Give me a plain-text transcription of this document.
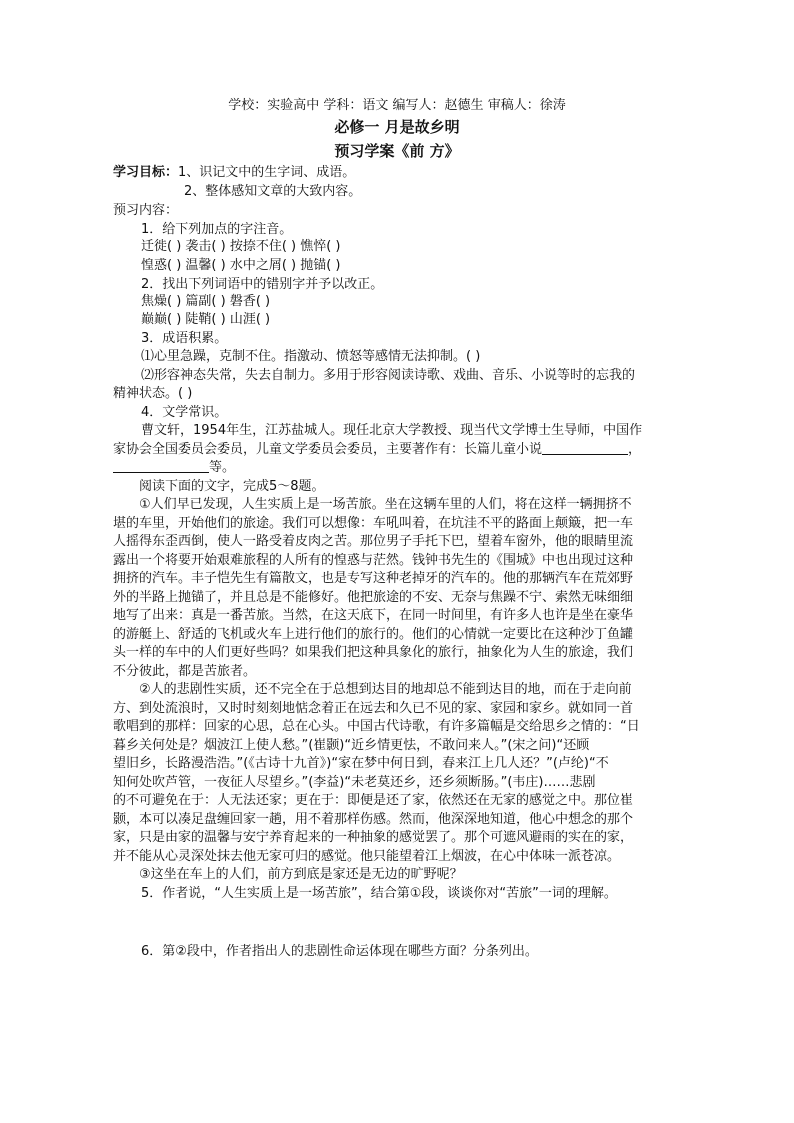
学校：实验高中 学科：语文 编写人：赵德生 审稿人：徐涛
必修一 月是故乡明
预习学案《前 方》
学习目标：1、识记文中的生字词、成语。
2、整体感知文章的大致内容。
预习内容：
1．给下列加点的字注音。
迁徙( ) 袭击( ) 按捺不住( ) 憔悴( )
惶惑( ) 温馨( ) 水中之屑( ) 抛锚( )
2．找出下列词语中的错别字并予以改正。
焦燥( ) 篇副( ) 磐香( )
巅巅( ) 陡鞘( ) 山涯( )
3．成语积累。
⑴心里急躁，克制不住。指激动、愤怒等感情无法抑制。( )
⑵形容神态失常，失去自制力。多用于形容阅读诗歌、戏曲、音乐、小说等时的忘我的
精神状态。( )
4．文学常识。
曹文轩，1954年生，江苏盐城人。现任北京大学教授、现当代文学博士生导师，中国作
家协会全国委员会委员，儿童文学委员会委员，主要著作有：长篇儿童小说	，
等。
阅读下面的文字，完成5～8题。
①人们早已发现，人生实质上是一场苦旅。坐在这辆车里的人们，将在这样一辆拥挤不
堪的车里，开始他们的旅途。我们可以想像：车吼叫着，在坑洼不平的路面上颠簸，把一车
人摇得东歪西倒，使人一路受着皮肉之苦。那位男子手托下巴，望着车窗外，他的眼睛里流
露出一个将要开始艰难旅程的人所有的惶惑与茫然。钱钟书先生的《围城》中也出现过这种
拥挤的汽车。丰子恺先生有篇散文，也是专写这种老掉牙的汽车的。他的那辆汽车在荒郊野
外的半路上抛锚了，并且总是不能修好。他把旅途的不安、无奈与焦躁不宁、索然无味细细
地写了出来：真是一番苦旅。当然，在这天底下，在同一时间里，有许多人也许是坐在豪华
的游艇上、舒适的飞机或火车上进行他们的旅行的。他们的心情就一定要比在这种沙丁鱼罐
头一样的车中的人们更好些吗？如果我们把这种具象化的旅行，抽象化为人生的旅途，我们
不分彼此，都是苦旅者。
②人的悲剧性实质，还不完全在于总想到达目的地却总不能到达目的地，而在于走向前
方、到处流浪时，又时时刻刻地惦念着正在远去和久已不见的家、家园和家乡。就如同一首
歌唱到的那样：回家的心思，总在心头。中国古代诗歌，有许多篇幅是交给思乡之情的：“日
暮乡关何处是？烟波江上使人愁。”(崔颢)“近乡情更怯，不敢问来人。”(宋之问)“还顾
望旧乡，长路漫浩浩。”(《古诗十九首》)“家在梦中何日到，春来江上几人还？”(卢纶)“不
知何处吹芦管，一夜征人尽望乡。”(李益)“未老莫还乡，还乡须断肠。”(韦庄)……悲剧
的不可避免在于：人无法还家；更在于：即便是还了家，依然还在无家的感觉之中。那位崔
颢，本可以凑足盘缠回家一趟，用不着那样伤感。然而，他深深地知道，他心中想念的那个
家，只是由家的温馨与安宁养育起来的一种抽象的感觉罢了。那个可遮风避雨的实在的家，
并不能从心灵深处抹去他无家可归的感觉。他只能望着江上烟波，在心中体味一派苍凉。
③这坐在车上的人们，前方到底是家还是无边的旷野呢？
5．作者说，“人生实质上是一场苦旅”，结合第①段，谈谈你对“苦旅”一词的理解。
6．第②段中，作者指出人的悲剧性命运体现在哪些方面？分条列出。
